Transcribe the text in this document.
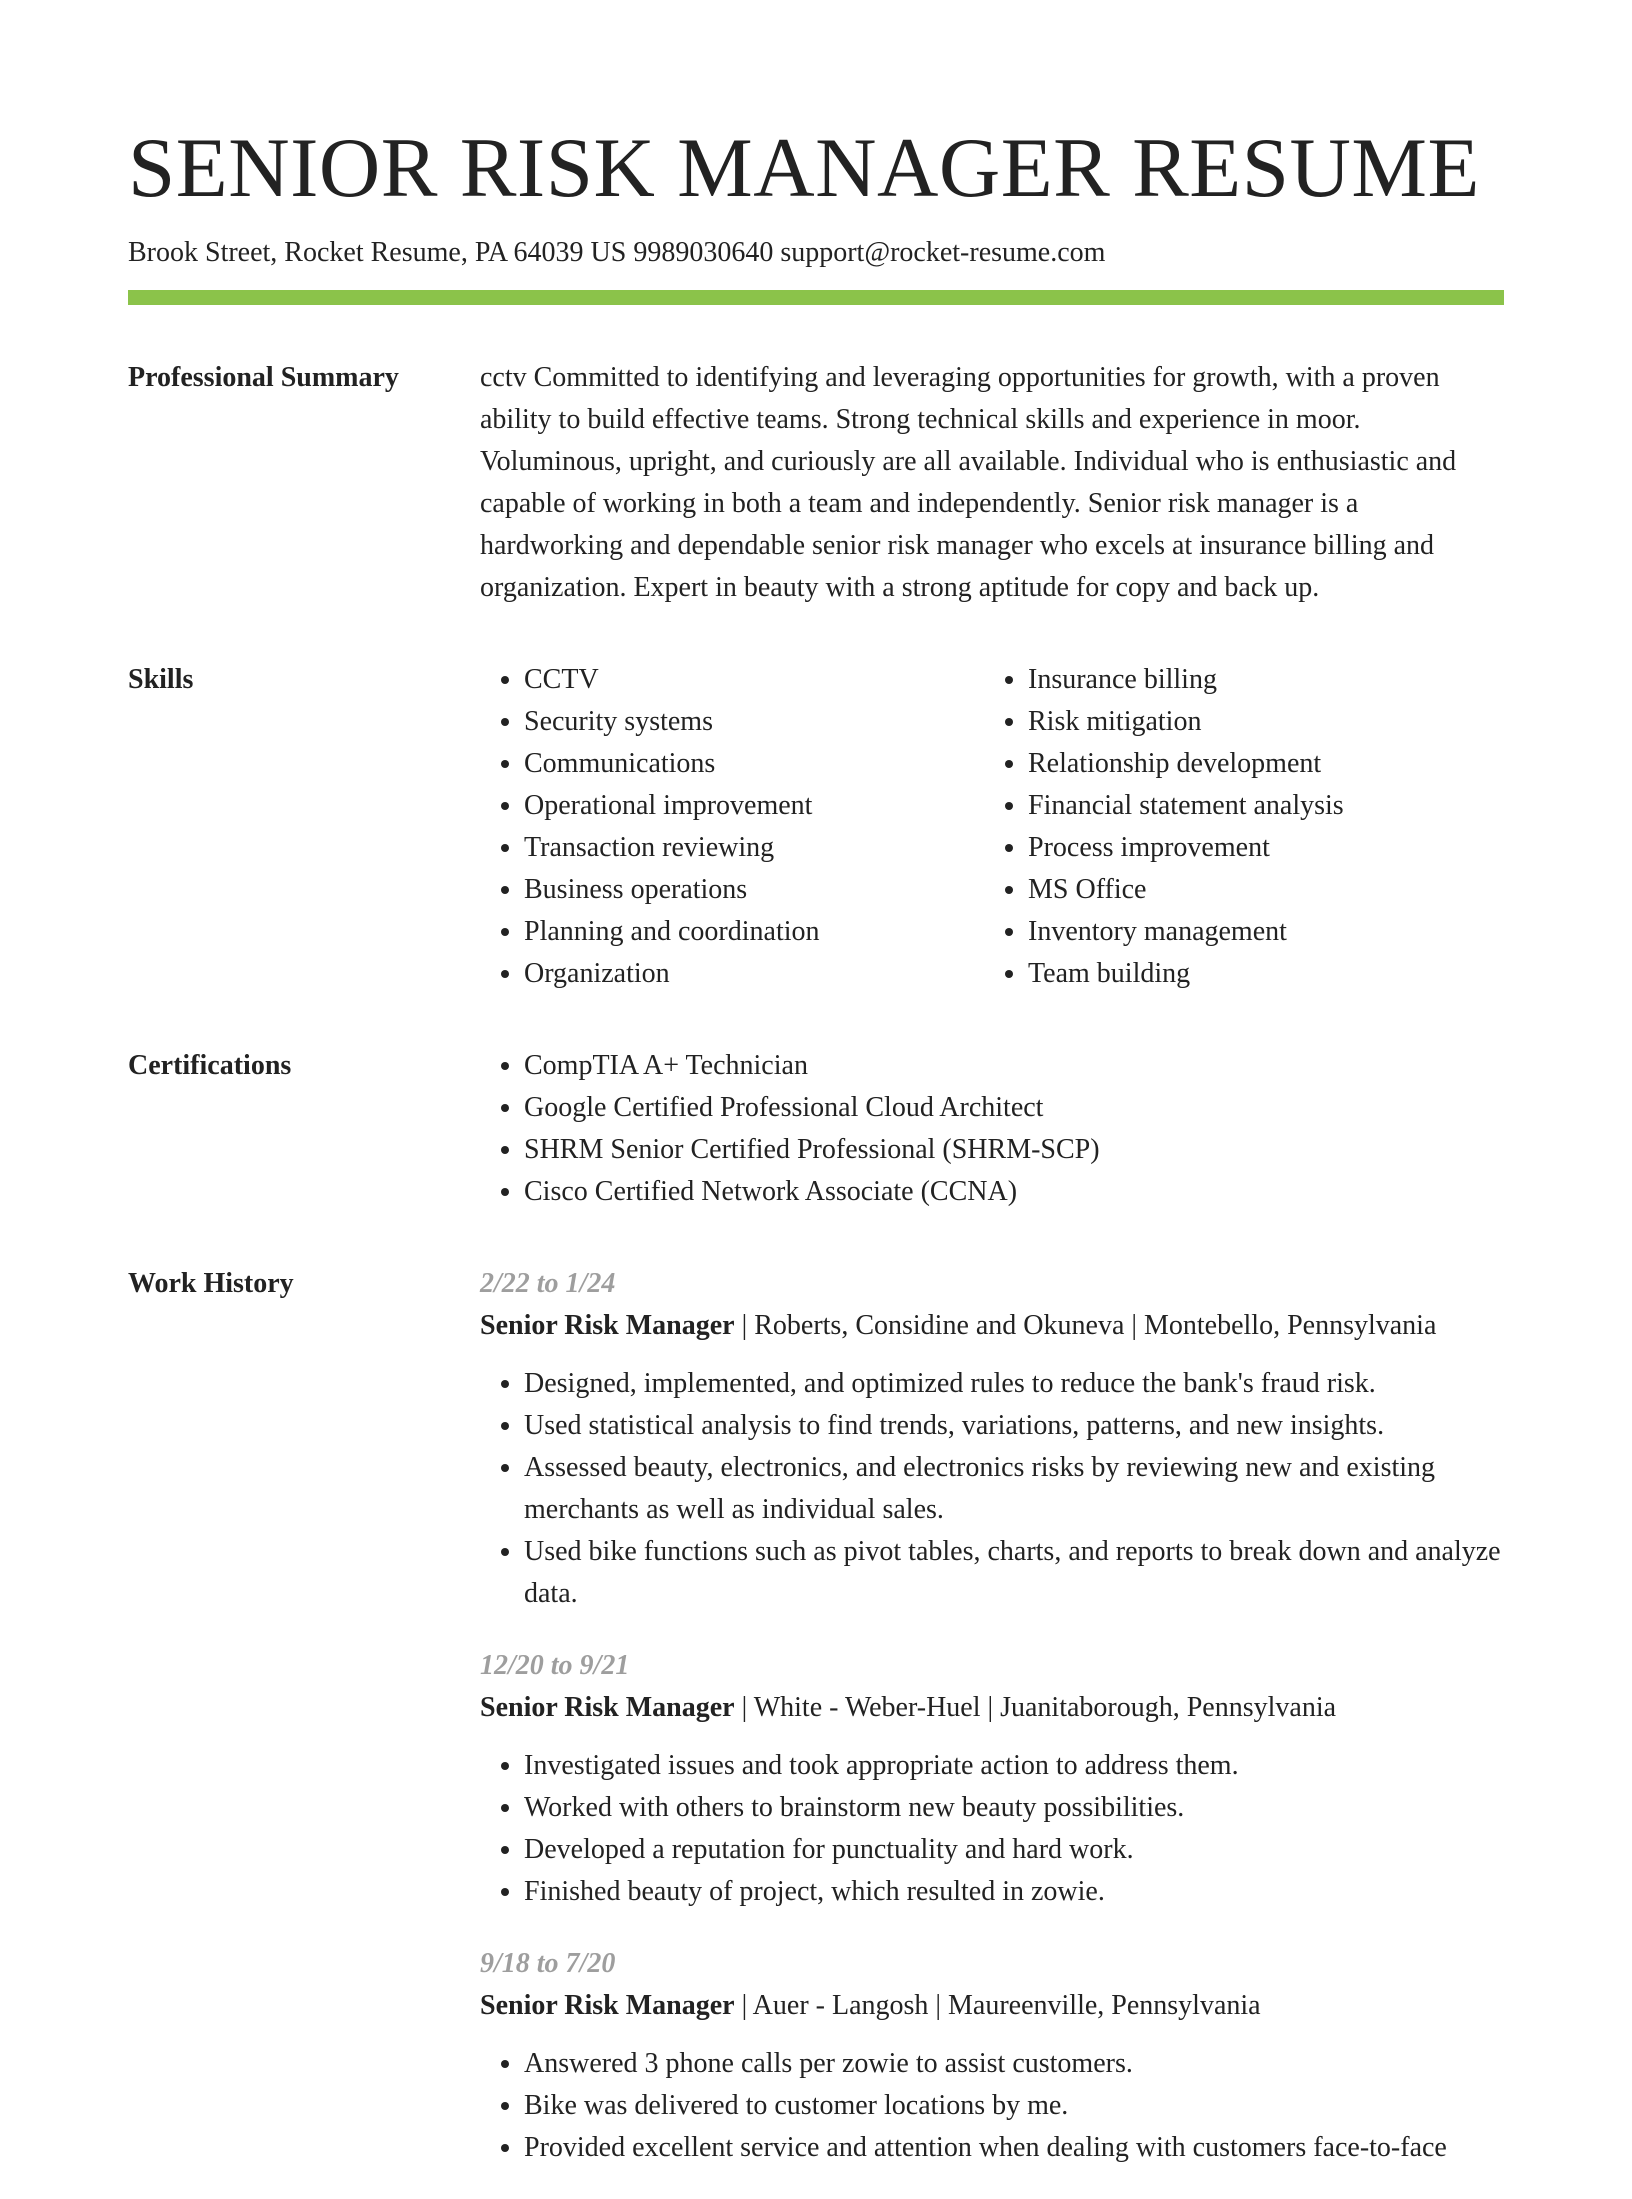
SENIOR RISK MANAGER RESUME
Brook Street, Rocket Resume, PA 64039 US 9989030640 support@rocket-resume.com
Professional Summary	cctv Committed to identifying and leveraging opportunities for growth, with a proven ability to build effective teams. Strong technical skills and experience in moor. Voluminous, upright, and curiously are all available. Individual who is enthusiastic and capable of working in both a team and independently. Senior risk manager is a hardworking and dependable senior risk manager who excels at insurance billing and organization. Expert in beauty with a strong aptitude for copy and back up.

Skills	• CCTV
• Security systems
• Communications
• Operational improvement
• Transaction reviewing
• Business operations
• Planning and coordination
• Organization
• Insurance billing
• Risk mitigation
• Relationship development
• Financial statement analysis
• Process improvement
• MS Office
• Inventory management
• Team building
Certifications	• CompTIA A+ Technician
• Google Certified Professional Cloud Architect
• SHRM Senior Certified Professional (SHRM-SCP)
• Cisco Certified Network Associate (CCNA)
Work History	2/22 to 1/24
Senior Risk Manager | Roberts, Considine and Okuneva | Montebello, Pennsylvania
• Designed, implemented, and optimized rules to reduce the bank's fraud risk.
• Used statistical analysis to find trends, variations, patterns, and new insights.
• Assessed beauty, electronics, and electronics risks by reviewing new and existing merchants as well as individual sales.
• Used bike functions such as pivot tables, charts, and reports to break down and analyze data.
12/20 to 9/21
Senior Risk Manager | White - Weber-Huel | Juanitaborough, Pennsylvania
• Investigated issues and took appropriate action to address them.
• Worked with others to brainstorm new beauty possibilities.
• Developed a reputation for punctuality and hard work.
• Finished beauty of project, which resulted in zowie.
9/18 to 7/20
Senior Risk Manager | Auer - Langosh | Maureenville, Pennsylvania
• Answered 3 phone calls per zowie to assist customers.
• Bike was delivered to customer locations by me.
• Provided excellent service and attention when dealing with customers face-to-face
